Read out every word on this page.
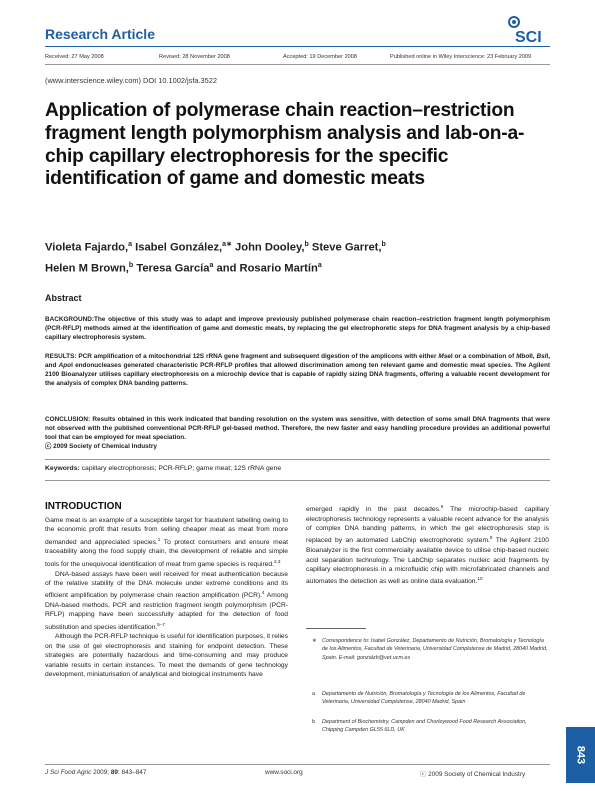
Research Article	SCI
Received: 27 May 2008	Revised: 28 November 2008	Accepted: 19 December 2008	Published online in Wiley Interscience: 23 February 2009
(www.interscience.wiley.com) DOI 10.1002/jsfa.3522
Application of polymerase chain reaction–restriction fragment length polymorphism analysis and lab-on-a-chip capillary electrophoresis for the specific identification of game and domestic meats
Violeta Fajardo,$^a$ Isabel González,$^{a∗}$ John Dooley,$^b$ Steve Garret,$^b$
Helen M Brown,$^b$ Teresa García$^a$ and Rosario Martín$^a$
Abstract
BACKGROUND:The objective of this study was to adapt and improve previously published polymerase chain reaction–restriction fragment length polymorphism (PCR-RFLP) methods aimed at the identification of game and domestic meats, by replacing the gel electrophoretic steps for DNA fragment analysis by a chip-based capillary electrophoresis system.
RESULTS: PCR amplification of a mitochondrial 12S rRNA gene fragment and subsequent digestion of the amplicons with either MseI or a combination of MboII, BslI, and ApoI endonucleases generated characteristic PCR-RFLP profiles that allowed discrimination among ten relevant game and domestic meat species. The Agilent 2100 Bioanalyzer utilises capillary electrophoresis on a microchip device that is capable of rapidly sizing DNA fragments, offering a valuable recent development for the analysis of complex DNA banding patterns.
CONCLUSION: Results obtained in this work indicated that banding resolution on the system was sensitive, with detection of some small DNA fragments that were not observed with the published conventional PCR-RFLP gel-based method. Therefore, the new faster and easy handling procedure provides an additional powerful tool that can be employed for meat speciation.
ⓒ 2009 Society of Chemical Industry
Keywords: capillary electrophoresis; PCR-RFLP; game meat; 12S rRNA gene
INTRODUCTION

Game meat is an example of a susceptible target for fraudulent labelling owing to the economic profit that results from selling cheaper meat as meat from more demanded and appreciated species.$^1$ To protect consumers and ensure meat traceability along the food supply chain, the development of reliable and simple tools for the unequivocal identification of meat from game species is required.$^{2,3}$

DNA-based assays have been well received for meat authentication because of the relative stability of the DNA molecule under extreme conditions and its efficient amplification by polymerase chain reaction amplification (PCR).$^4$ Among DNA-based methods, PCR and restriction fragment length polymorphism (PCR-RFLP) mapping have been successfully adapted for the detection of food substitution and species identification.$^{5-7}$

Although the PCR-RFLP technique is useful for identification purposes, it relies on the use of gel electrophoresis and staining for endpoint detection. These strategies are potentially hazardous and time-consuming and may produce variable results in certain instances. To meet the demands of gene technology development, miniaturisation of analytical and biological instruments have

emerged rapidly in the past decades.$^8$ The microchip-based capillary electrophoresis technology represents a valuable recent advance for the analysis of complex DNA banding patterns, in which the gel electrophoresis step is replaced by an automated LabChip electrophoretic system.$^9$ The Agilent 2100 Bioanalyzer is the first commercially available device to utilise chip-based nucleic acid separation technology. The LabChip separates nucleic acid fragments by capillary electrophoresis in a microfluidic chip with microfabricated channels and automates the detection as well as online data evaluation.$^{10}$

∗	Correspondence to: Isabel González, Departamento de Nutrición, Bromatología y Tecnología de los Alimentos, Facultad de Veterinaria, Universidad Complutense de Madrid, 28040 Madrid, Spain. E-mail: gonzalzb@vet.ucm.es
a	Departamento de Nutrición, Bromatología y Tecnología de los Alimentos, Facultad de Veterinaria, Universidad Complutense, 28040 Madrid, Spain
b	Department of Biochemistry, Campden and Chorleywood Food Research Association, Chipping Campden GL55 6LD, UK
J Sci Food Agric 2009; 89: 843–847	www.soci.org	ⓒ 2009 Society of Chemical Industry
843
